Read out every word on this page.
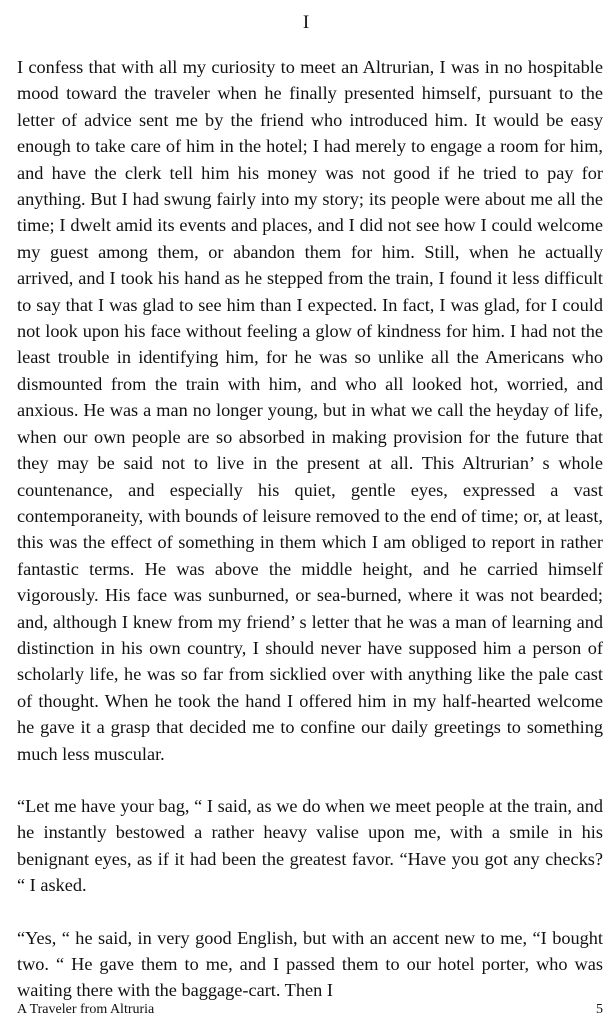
I

I confess that with all my curiosity to meet an Altrurian, I was in no hospitable mood toward the traveler when he finally presented himself, pursuant to the letter of advice sent me by the friend who introduced him. It would be easy enough to take care of him in the hotel; I had merely to engage a room for him, and have the clerk tell him his money was not good if he tried to pay for anything. But I had swung fairly into my story; its people were about me all the time; I dwelt amid its events and places, and I did not see how I could welcome my guest among them, or abandon them for him. Still, when he actually arrived, and I took his hand as he stepped from the train, I found it less difficult to say that I was glad to see him than I expected. In fact, I was glad, for I could not look upon his face without feeling a glow of kindness for him. I had not the least trouble in identifying him, for he was so unlike all the Americans who dismounted from the train with him, and who all looked hot, worried, and anxious. He was a man no longer young, but in what we call the heyday of life, when our own people are so absorbed in making provision for the future that they may be said not to live in the present at all. This Altrurian’ s whole countenance, and especially his quiet, gentle eyes, expressed a vast contemporaneity, with bounds of leisure removed to the end of time; or, at least, this was the effect of something in them which I am obliged to report in rather fantastic terms. He was above the middle height, and he carried himself vigorously. His face was sunburned, or sea-burned, where it was not bearded; and, although I knew from my friend’ s letter that he was a man of learning and distinction in his own country, I should never have supposed him a person of scholarly life, he was so far from sicklied over with anything like the pale cast of thought. When he took the hand I offered him in my half-hearted welcome he gave it a grasp that decided me to confine our daily greetings to something much less muscular.

“Let me have your bag, “ I said, as we do when we meet people at the train, and he instantly bestowed a rather heavy valise upon me, with a smile in his benignant eyes, as if it had been the greatest favor. “Have you got any checks? “ I asked.

“Yes, “ he said, in very good English, but with an accent new to me, “I bought two. “ He gave them to me, and I passed them to our hotel porter, who was waiting there with the baggage-cart. Then I

A Traveler from Altruria	5
